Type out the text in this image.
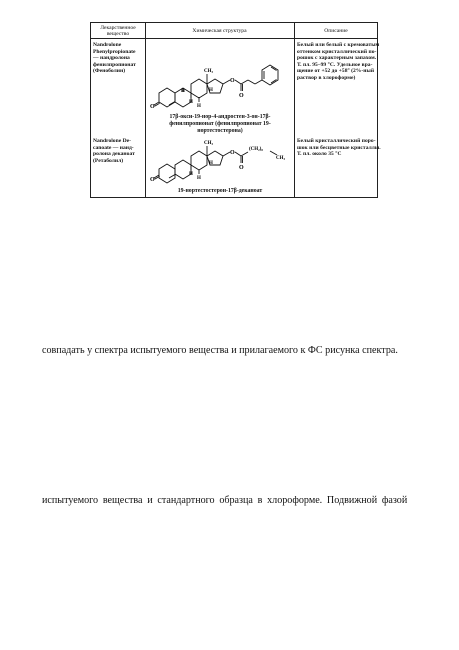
Лекарственное
вещество
Химическая структура	Описание
Nandrolone
Phenylpropionate
— нандролона
фенилпропионат
(Феноболин)
Белый или белый с кремоватым
оттенком кристаллический по-
рошок с характерным запахом.
Т. пл. 95–99 °С. Удельное вра-
щение от +52 до +58° (2%-ный
раствор в хлороформе)
O
CH₃
O
O
H
H
H	H
17β-окси-19-нор-4-андростен-3-он-17β-
фенилпропионат (фенилпропионат 19-
нортестостерона)
Nandrolone De-
canoate — нанд-
ролона деканоат
(Ретаболил)
Белый кристаллический поро-
шок или бесцветные кристаллы.
Т. пл. около 35 °С
O
CH₃
O
O
(CH₂)₈
CH₃
H
H
H
19-нортестостерон-17β-деканоат
совпадать у спектра испытуемого вещества и прилагаемого к ФС рисунка спектра.
испытуемого вещества и стандартного образца в хлороформе. Подвижной фазой
